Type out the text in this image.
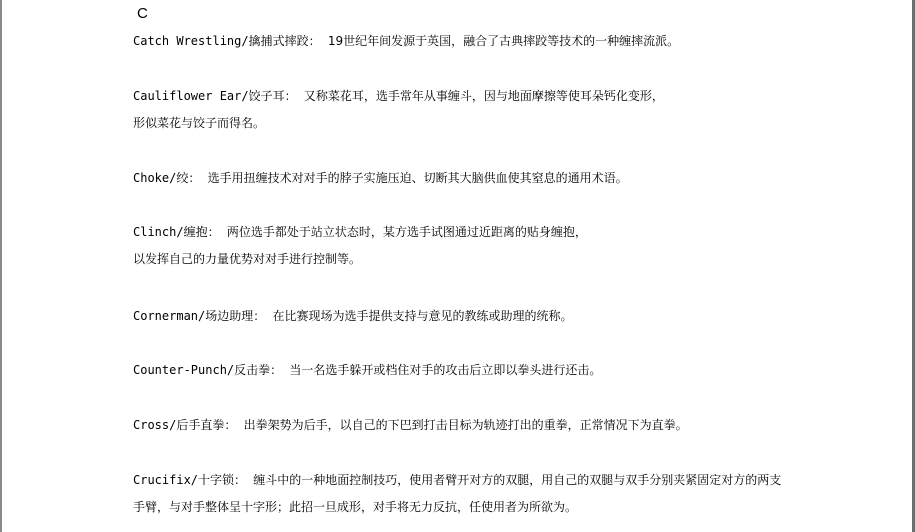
C
Catch Wrestling/擒捕式摔跤： 19世纪年间发源于英国，融合了古典摔跤等技术的一种缠摔流派。
Cauliflower Ear/饺子耳： 又称菜花耳，选手常年从事缠斗，因与地面摩擦等使耳朵钙化变形，
形似菜花与饺子而得名。
Choke/绞： 选手用扭缠技术对对手的脖子实施压迫、切断其大脑供血使其窒息的通用术语。
Clinch/缠抱： 两位选手都处于站立状态时，某方选手试图通过近距离的贴身缠抱，
以发挥自己的力量优势对对手进行控制等。
Cornerman/场边助理： 在比赛现场为选手提供支持与意见的教练或助理的统称。
Counter-Punch/反击拳： 当一名选手躲开或档住对手的攻击后立即以拳头进行还击。
Cross/后手直拳： 出拳架势为后手，以自己的下巴到打击目标为轨迹打出的重拳，正常情况下为直拳。
Crucifix/十字锁： 缠斗中的一种地面控制技巧，使用者臂开对方的双腿，用自己的双腿与双手分别夹紧固定对方的两支
手臂，与对手整体呈十字形；此招一旦成形，对手将无力反抗，任使用者为所欲为。
